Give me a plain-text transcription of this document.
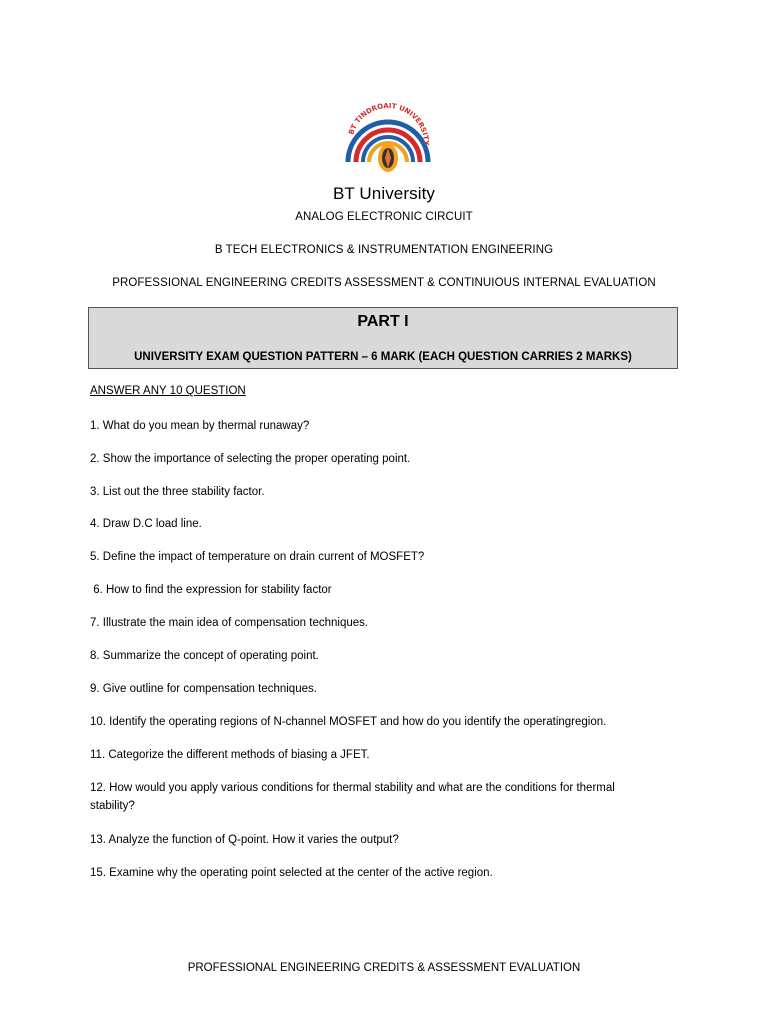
BT TINDROAIT UNIVERSITY
BT University
ANALOG ELECTRONIC CIRCUIT
B TECH ELECTRONICS & INSTRUMENTATION ENGINEERING
PROFESSIONAL ENGINEERING CREDITS ASSESSMENT & CONTINUIOUS INTERNAL EVALUATION
PART I
UNIVERSITY EXAM QUESTION PATTERN – 6 MARK (EACH QUESTION CARRIES 2 MARKS)
ANSWER ANY 10 QUESTION
1. What do you mean by thermal runaway?
2. Show the importance of selecting the proper operating point.
3. List out the three stability factor.
4. Draw D.C load line.
5. Define the impact of temperature on drain current of MOSFET?
6. How to find the expression for stability factor
7. Illustrate the main idea of compensation techniques.
8. Summarize the concept of operating point.
9. Give outline for compensation techniques.
10. Identify the operating regions of N-channel MOSFET and how do you identify the operatingregion.
11. Categorize the different methods of biasing a JFET.
12. How would you apply various conditions for thermal stability and what are the conditions for thermal stability?
13. Analyze the function of Q-point. How it varies the output?
15. Examine why the operating point selected at the center of the active region.
PROFESSIONAL ENGINEERING CREDITS & ASSESSMENT EVALUATION
